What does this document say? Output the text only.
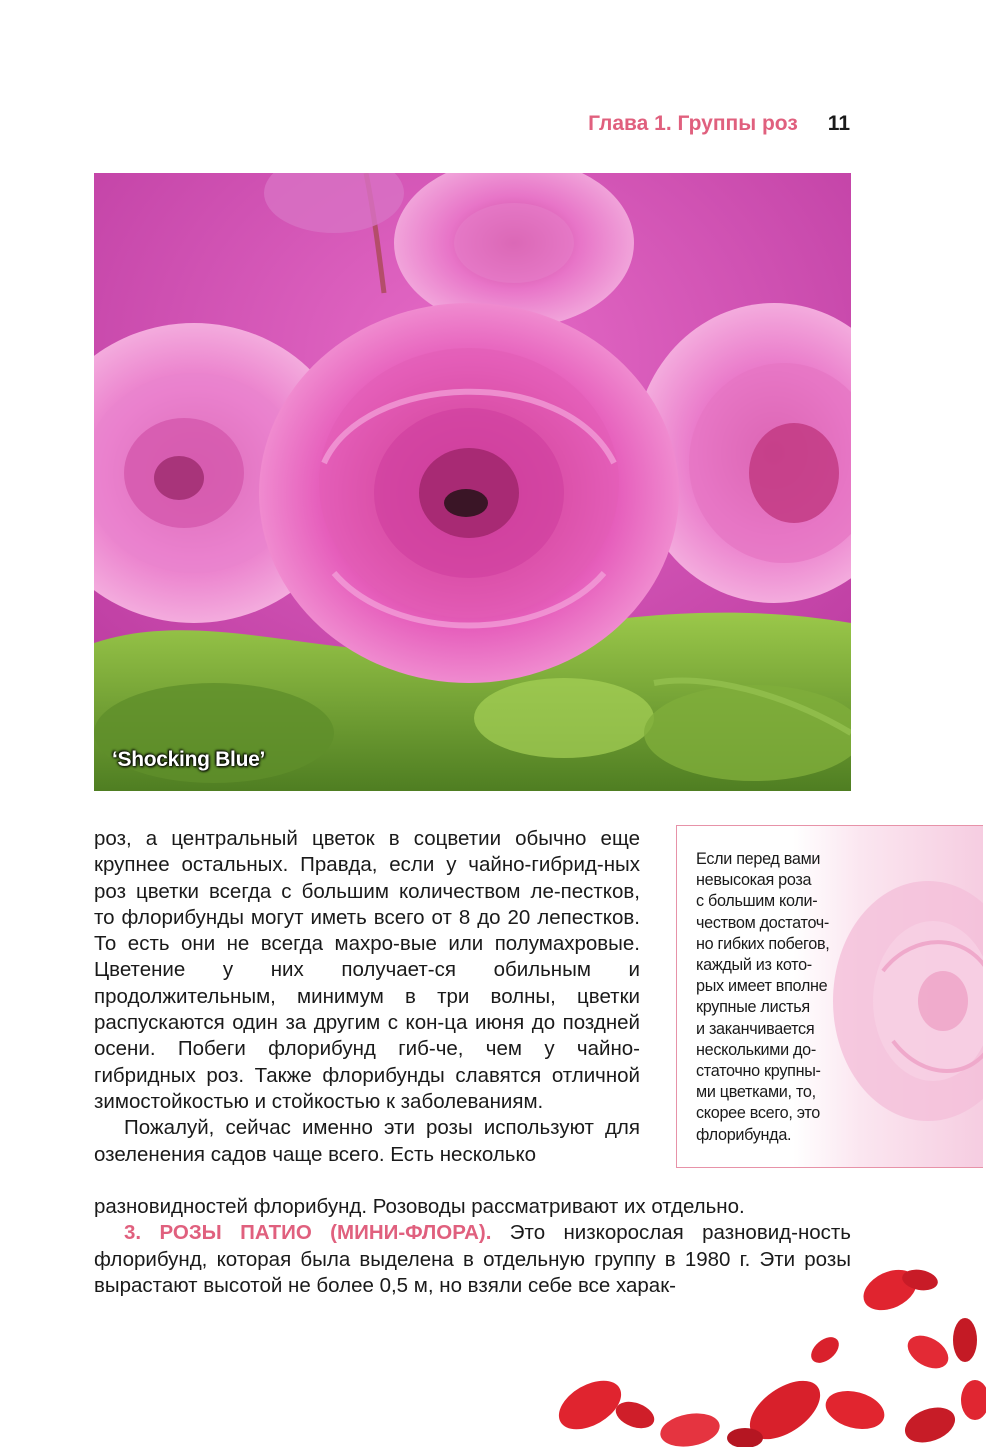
Глава 1. Группы роз 11
‘Shocking Blue’

роз, а центральный цветок в соцветии обычно еще крупнее остальных. Правда, если у чайно-гибрид-ных роз цветки всегда с большим количеством ле-пестков, то флорибунды могут иметь всего от 8 до 20 лепестков. То есть они не всегда махро-вые или полумахровые. Цветение у них получает-ся обильным и продолжительным, минимум в три волны, цветки распускаются один за другим с кон-ца июня до поздней осени. Побеги флорибунд гиб-че, чем у чайно-гибридных роз. Также флорибунды славятся отличной зимостойкостью и стойкостью к заболеваниям.

Пожалуй, сейчас именно эти розы используют для озеленения садов чаще всего. Есть несколько

разновидностей флорибунд. Розоводы рассматривают их отдельно.

3. РОЗЫ ПАТИО (МИНИ-ФЛОРА). Это низкорослая разновид-ность флорибунд, которая была выделена в отдельную группу в 1980 г. Эти розы вырастают высотой не более 0,5 м, но взяли себе все харак-

Если перед вами
невысокая роза
с большим коли-
чеством достаточ-
но гибких побегов,
каждый из кото-
рых имеет вполне
крупные листья
и заканчивается
несколькими до-
статочно крупны-
ми цветками, то,
скорее всего, это
флорибунда.
